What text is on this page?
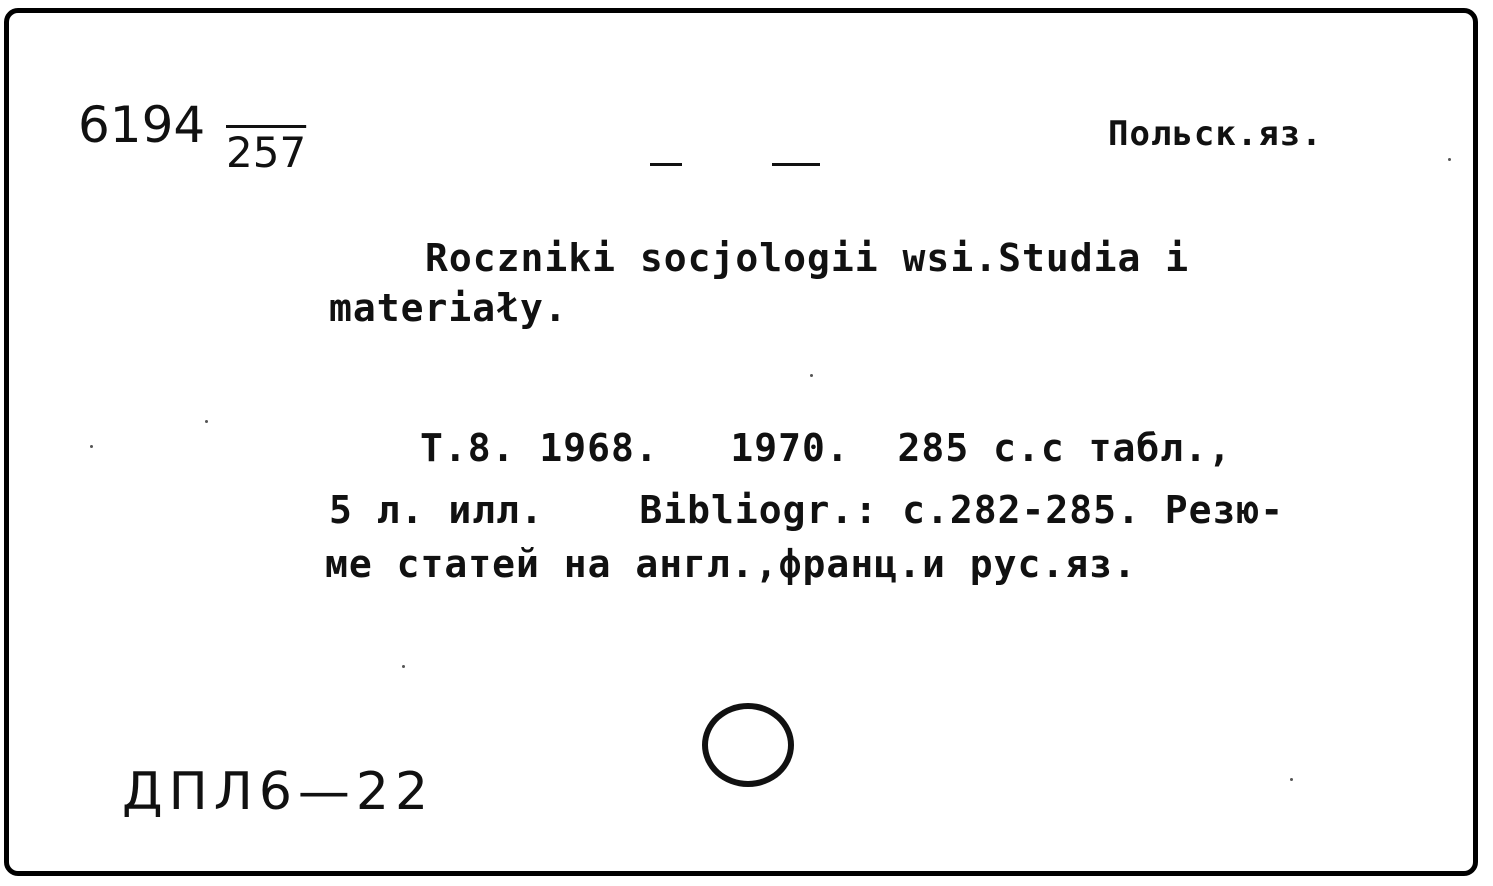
6194 257	Польск.яз.
Roczniki socjologii wsi.Studia i
materiały.
T.8. 1968.   1970.  285 с.с табл.,
5 л. илл.    Bibliogr.: с.282-285. Резю-
ме статей на англ.,франц.и рус.яз.
ДПЛ6—22
